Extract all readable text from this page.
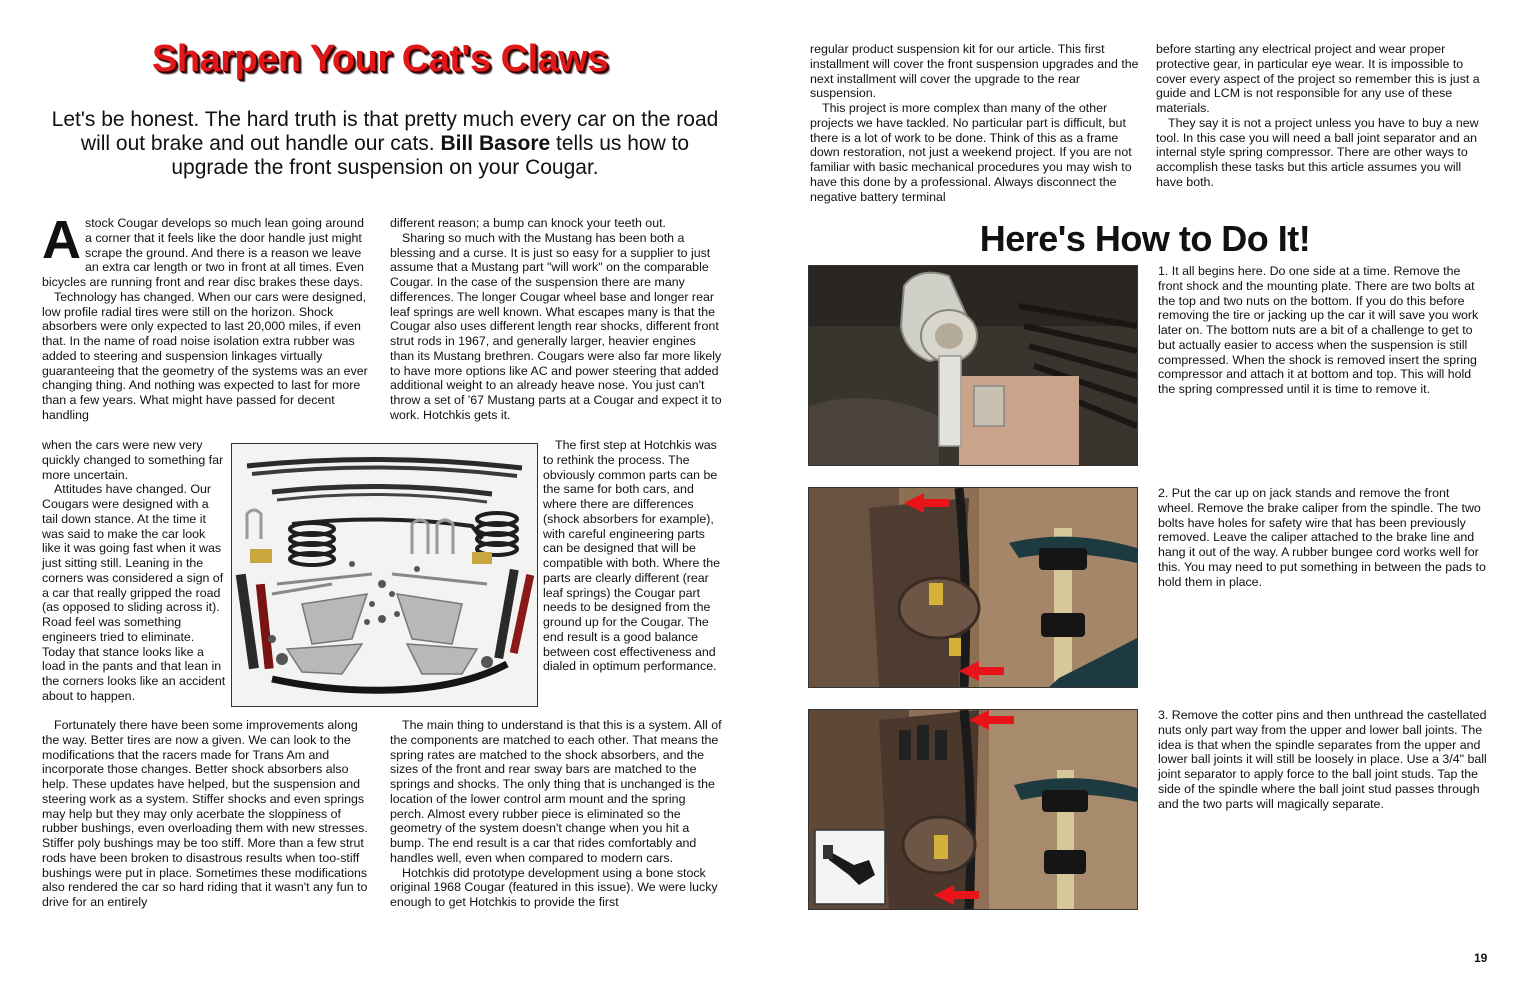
Sharpen Your Cat's Claws
Let's be honest. The hard truth is that pretty much every car on the road will out brake and out handle our cats. Bill Basore tells us how to upgrade the front suspension on your Cougar.

Astock Cougar develops so much lean going around a corner that it feels like the door handle just might scrape the ground. And there is a reason we leave an extra car length or two in front at all times. Even bicycles are running front and rear disc brakes these days.

Technology has changed. When our cars were designed, low profile radial tires were still on the horizon. Shock absorbers were only expected to last 20,000 miles, if even that. In the name of road noise isolation extra rubber was added to steering and suspension linkages virtually guaranteeing that the geometry of the systems was an ever changing thing. And nothing was expected to last for more than a few years. What might have passed for decent handling

when the cars were new very quickly changed to something far more uncertain.

Attitudes have changed. Our Cougars were designed with a tail down stance. At the time it was said to make the car look like it was going fast when it was just sitting still. Leaning in the corners was considered a sign of a car that really gripped the road (as opposed to sliding across it). Road feel was something engineers tried to eliminate. Today that stance looks like a load in the pants and that lean in the corners looks like an accident about to happen.

Fortunately there have been some improvements along the way. Better tires are now a given. We can look to the modifications that the racers made for Trans Am and incorporate those changes. Better shock absorbers also help. These updates have helped, but the suspension and steering work as a system. Stiffer shocks and even springs may help but they may only acerbate the sloppiness of rubber bushings, even overloading them with new stresses. Stiffer poly bushings may be too stiff. More than a few strut rods have been broken to disastrous results when too-stiff bushings were put in place. Sometimes these modifications also rendered the car so hard riding that it wasn't any fun to drive for an entirely

different reason; a bump can knock your teeth out.

Sharing so much with the Mustang has been both a blessing and a curse. It is just so easy for a supplier to just assume that a Mustang part "will work" on the comparable Cougar. In the case of the suspension there are many differences. The longer Cougar wheel base and longer rear leaf springs are well known. What escapes many is that the Cougar also uses different length rear shocks, different front strut rods in 1967, and generally larger, heavier engines than its Mustang brethren. Cougars were also far more likely to have more options like AC and power steering that added additional weight to an already heave nose. You just can't throw a set of '67 Mustang parts at a Cougar and expect it to work. Hotchkis gets it.

The first step at Hotchkis was to rethink the process. The obviously common parts can be the same for both cars, and where there are differences (shock absorbers for example), with careful engineering parts can be designed that will be compatible with both. Where the parts are clearly different (rear leaf springs) the Cougar part needs to be designed from the ground up for the Cougar. The end result is a good balance between cost effectiveness and dialed in optimum performance.

The main thing to understand is that this is a system. All of the components are matched to each other. That means the spring rates are matched to the shock absorbers, and the sizes of the front and rear sway bars are matched to the springs and shocks. The only thing that is unchanged is the location of the lower control arm mount and the spring perch. Almost every rubber piece is eliminated so the geometry of the system doesn't change when you hit a bump. The end result is a car that rides comfortably and handles well, even when compared to modern cars.

Hotchkis did prototype development using a bone stock original 1968 Cougar (featured in this issue). We were lucky enough to get Hotchkis to provide the first

regular product suspension kit for our article. This first installment will cover the front suspension upgrades and the next installment will cover the upgrade to the rear suspension.

This project is more complex than many of the other projects we have tackled. No particular part is difficult, but there is a lot of work to be done. Think of this as a frame down restoration, not just a weekend project. If you are not familiar with basic mechanical procedures you may wish to have this done by a professional. Always disconnect the negative battery terminal

before starting any electrical project and wear proper protective gear, in particular eye wear. It is impossible to cover every aspect of the project so remember this is just a guide and LCM is not responsible for any use of these materials.

They say it is not a project unless you have to buy a new tool. In this case you will need a ball joint separator and an internal style spring compressor. There are other ways to accomplish these tasks but this article assumes you will have both.

Here's How to Do It!
1. It all begins here. Do one side at a time. Remove the front shock and the mounting plate. There are two bolts at the top and two nuts on the bottom. If you do this before removing the tire or jacking up the car it will save you work later on. The bottom nuts are a bit of a challenge to get to but actually easier to access when the suspension is still compressed. When the shock is removed insert the spring compressor and attach it at bottom and top. This will hold the spring compressed until it is time to remove it.
2. Put the car up on jack stands and remove the front wheel. Remove the brake caliper from the spindle. The two bolts have holes for safety wire that has been previously removed. Leave the caliper attached to the brake line and hang it out of the way. A rubber bungee cord works well for this. You may need to put something in between the pads to hold them in place.
3. Remove the cotter pins and then unthread the castellated nuts only part way from the upper and lower ball joints. The idea is that when the spindle separates from the upper and lower ball joints it will still be loosely in place. Use a 3/4" ball joint separator to apply force to the ball joint studs. Tap the side of the spindle where the ball joint stud passes through and the two parts will magically separate.
19
